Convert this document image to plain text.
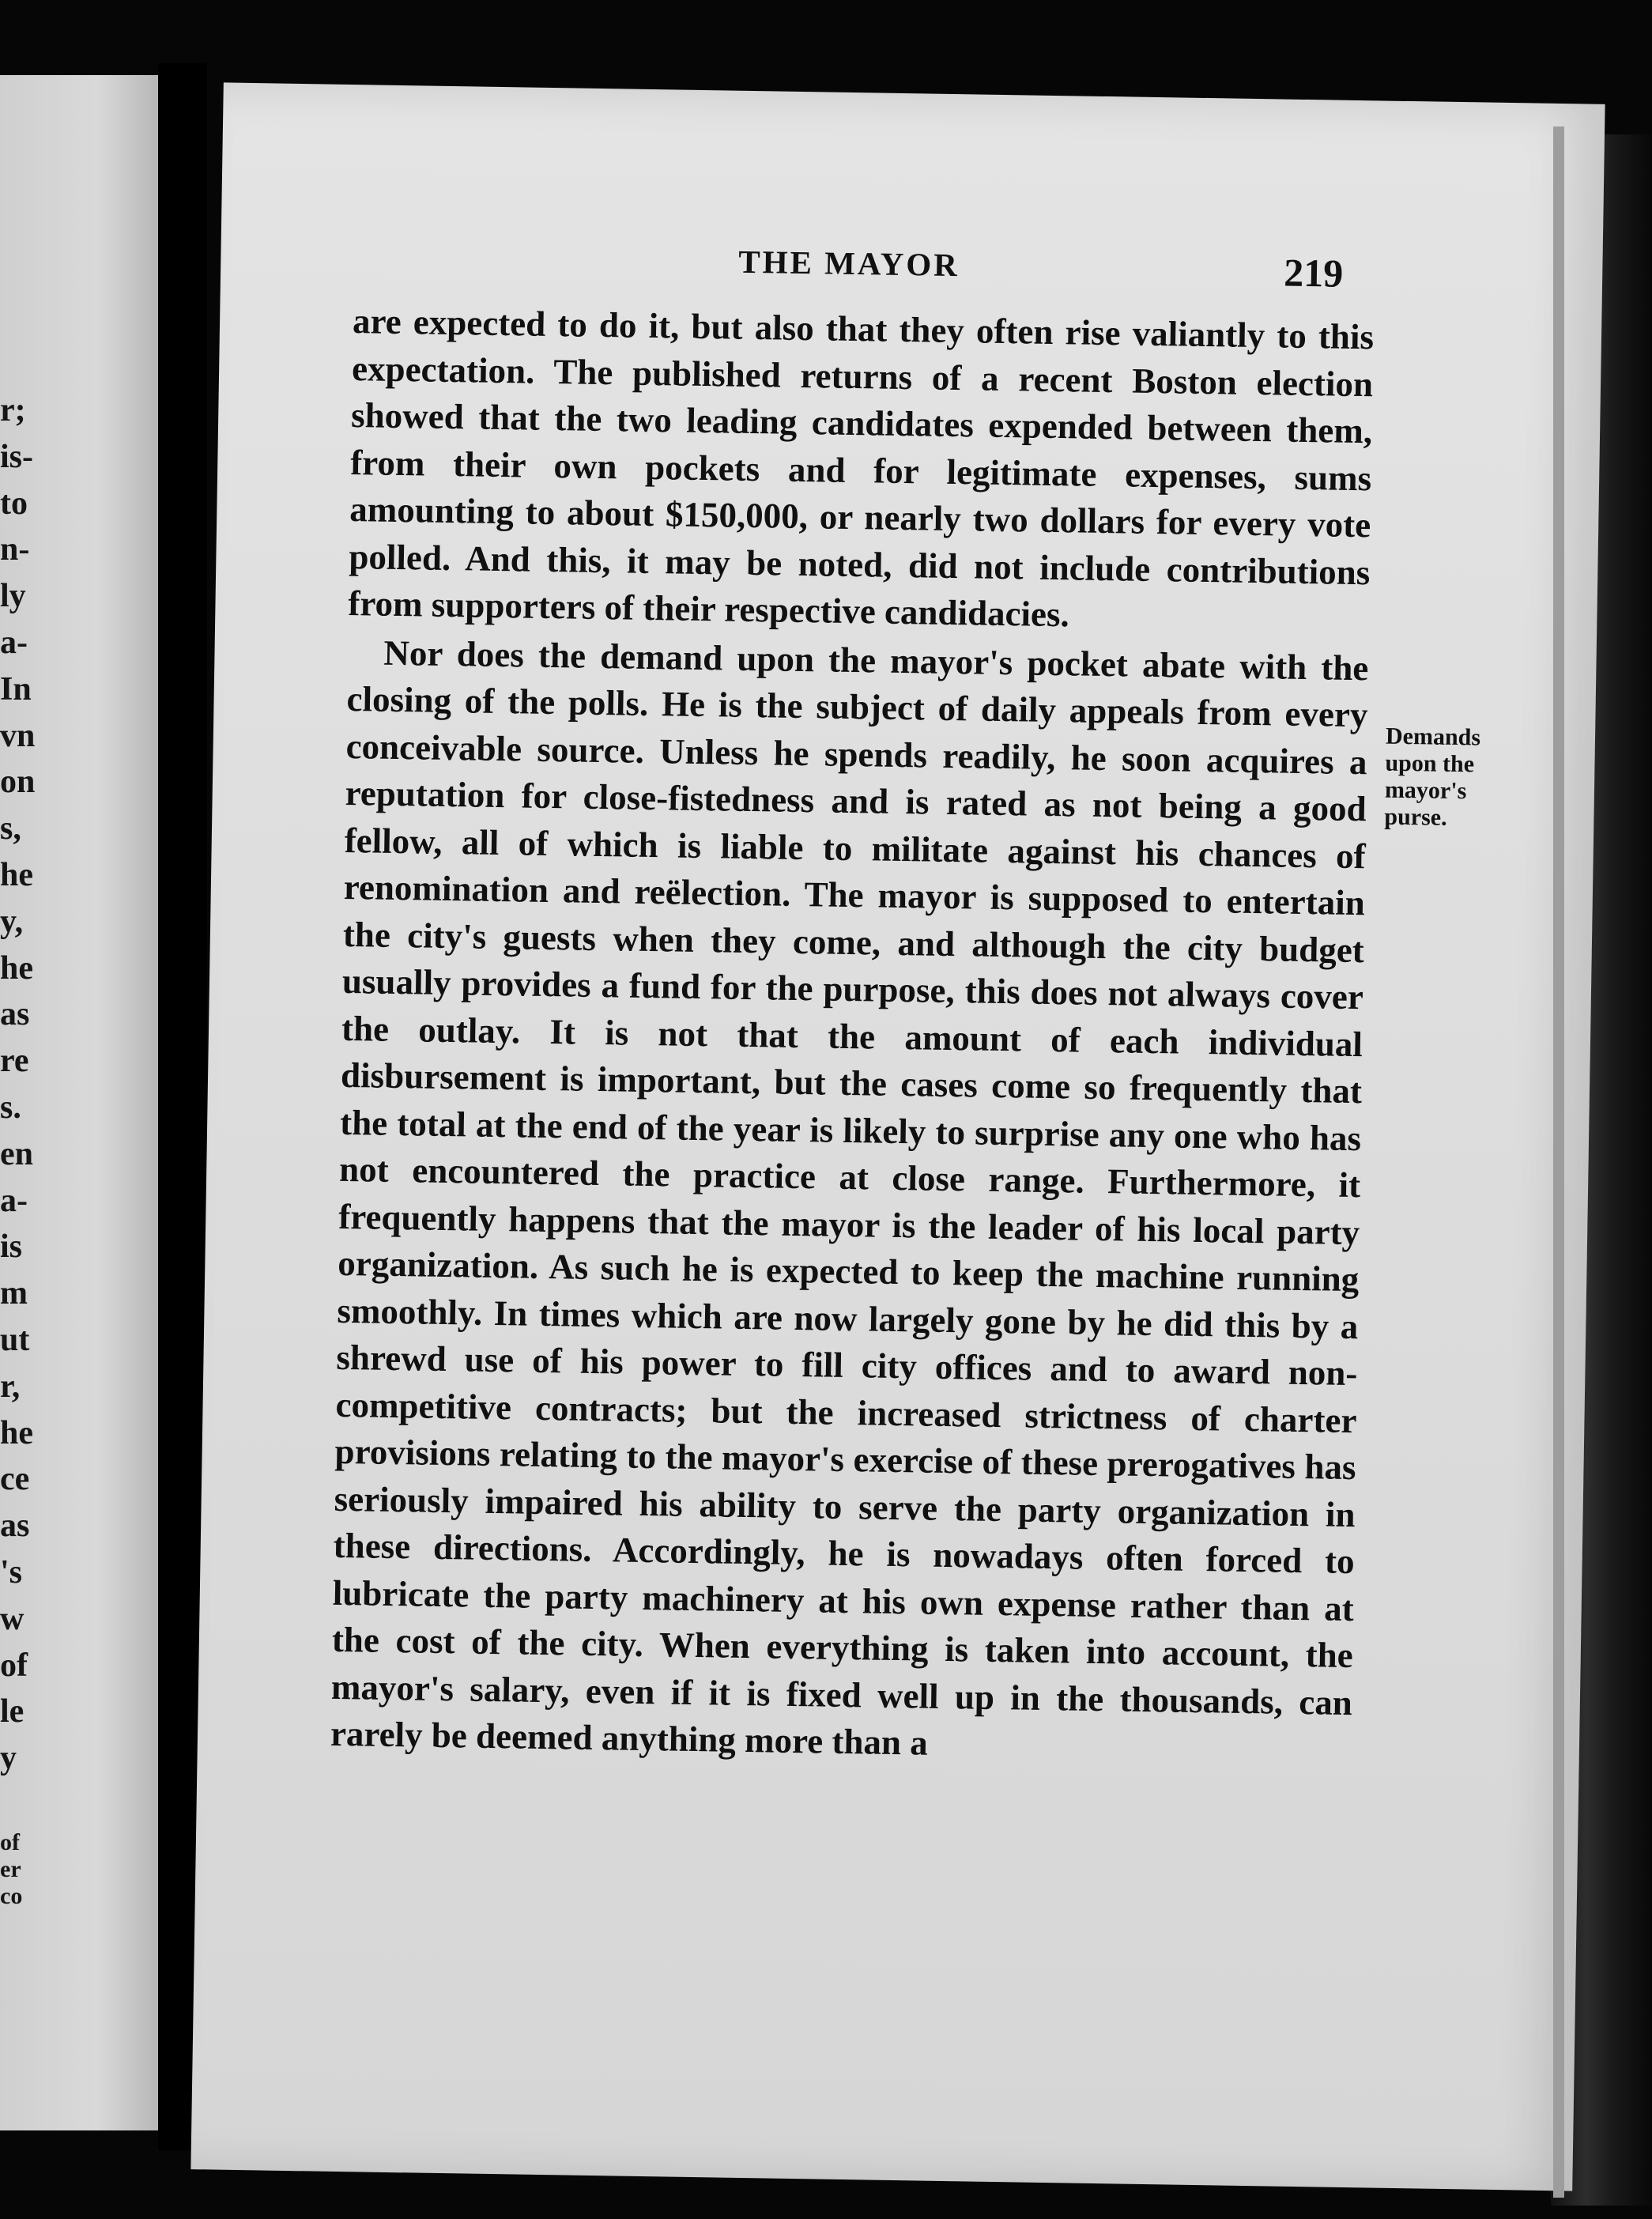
r;
is-
to
n-
ly
a-
In
vn
on
s,
he
y,
he
as
re
s.
en
a-
is
m
ut
r,
he
ce
as
's
w
of
le
y
of
er
co
THE MAYOR	219

are expected to do it, but also that they often rise valiantly to this expectation. The published returns of a recent Boston election showed that the two leading candidates expended between them, from their own pockets and for legitimate expenses, sums amounting to about $150,000, or nearly two dollars for every vote polled. And this, it may be noted, did not include contributions from supporters of their respective candidacies.

Nor does the demand upon the mayor's pocket abate with the closing of the polls. He is the subject of daily appeals from every conceivable source. Unless he spends readily, he soon acquires a reputation for close-fistedness and is rated as not being a good fellow, all of which is liable to militate against his chances of renomination and reëlection. The mayor is supposed to entertain the city's guests when they come, and although the city budget usually provides a fund for the purpose, this does not always cover the outlay. It is not that the amount of each individual disbursement is important, but the cases come so frequently that the total at the end of the year is likely to surprise any one who has not encountered the practice at close range. Furthermore, it frequently happens that the mayor is the leader of his local party organization. As such he is expected to keep the machine running smoothly. In times which are now largely gone by he did this by a shrewd use of his power to fill city offices and to award non-competitive contracts; but the increased strictness of charter provisions relating to the mayor's exercise of these prerogatives has seriously impaired his ability to serve the party organization in these directions. Accordingly, he is nowadays often forced to lubricate the party machinery at his own expense rather than at the cost of the city. When everything is taken into account, the mayor's salary, even if it is fixed well up in the thousands, can rarely be deemed anything more than a

Demands
upon the
mayor's
purse.
